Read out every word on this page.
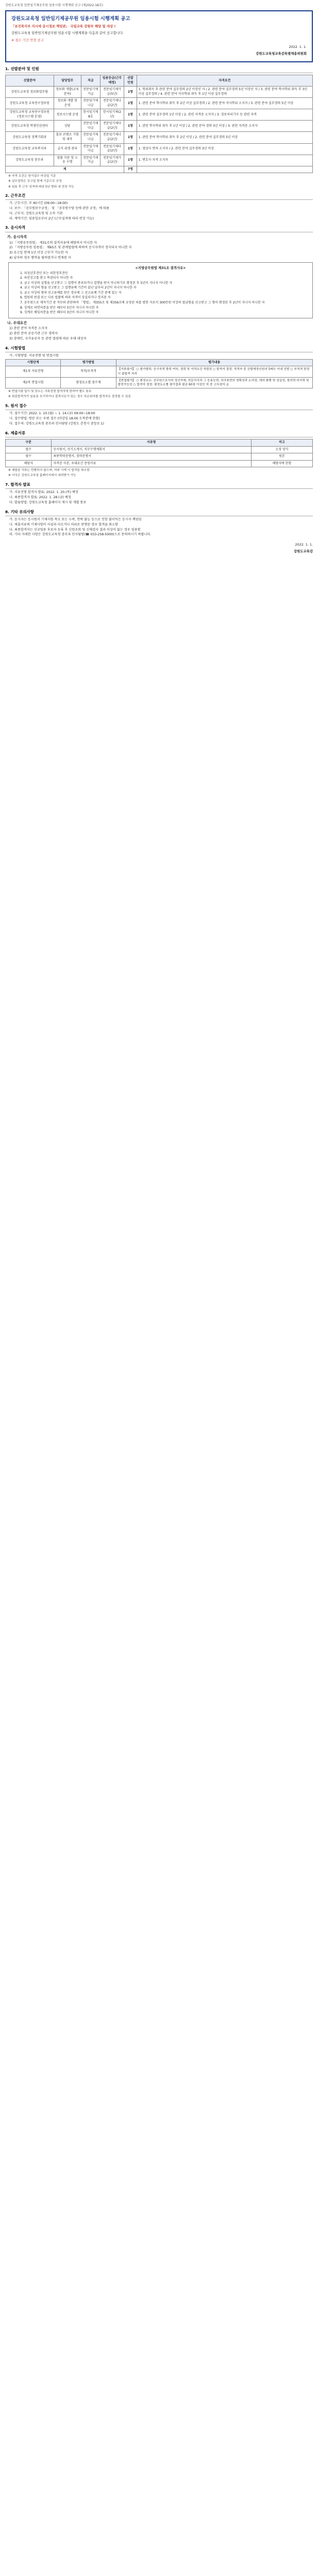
강원도교육청 일반임기제공무원 임용시험 시행계획 공고 (제2022-18호)
강원도교육청 일반임기제공무원 임용시험 시행계획 공고
「보건복지부 지시에 공시정보 책임관」 국립교육 강원부 해당 및 대상 !
강원도교육청 일반임기제공무원 임용시험 시행계획을 다음과 같이 공고합니다.
※ 접수 기간 연장 공고
2022. 1. 1.
강원도교육청교육감특별채용위원회
1. 선발분야 및 인원
선발분야	담당업무	직급	임용등급(근무예정)	선발인원	자격요건
강원도교육청 정보화업무팀	정보화 개발(교육분야)	전문임기제 가급	전문임기제가급(5년)	1명	1. 학위취득 후 관련 분야 실무경력 2년 이상인 자 / 2. 관련 분야 실무경력 5년 이상인 자 / 3. 관련 분야 학사학위 취득 후 3년 이상 실무경력 / 4. 관련 분야 석사학위 취득 후 1년 이상 실무경력
강원도교육청 교육연구정보원	정보화 개발 및 운영	전문임기제 나급	전문임기제나급(2년)	1명	1. 관련 분야 학사학위 취득 후 2년 이상 실무경력 / 2. 관련 분야 석사학위 소지자 / 3. 관련 분야 실무경력 5년 이상
강원도교육청 교육연구정보원 (정보시스템 운영)	정보시스템 운영	한시임기제 8호	한시임기제(2년)	1명	1. 관련 분야 실무경력 1년 이상 / 2. 관련 자격증 소지자 / 3. 정보처리기사 등 관련 자격
강원도교육청 학생인권센터	상담	전문임기제 다급	전문임기제다급(2년)	1명	1. 관련 학사학위 취득 후 1년 이상 / 2. 관련 분야 경력 3년 이상 / 3. 관련 자격증 소지자
강원도교육청 정책기획과	홍보 콘텐츠 기획 및 제작	전문임기제 나급	전문임기제나급(2년)	1명	1. 관련 분야 학사학위 취득 후 2년 이상 / 2. 관련 분야 실무경력 5년 이상
강원도교육청 교육복지과	급식 위생 관리	전문임기제 다급	전문임기제다급(2년)	1명	1. 영양사 면허 소지자 / 2. 관련 분야 실무경력 3년 이상
강원도교육청 총무과	법률 자문 및 소송 수행	전문임기제 가급	전문임기제가급(2년)	1명	1. 변호사 자격 소지자
계				7명	
※ 자격 요건은 원서접수 마감일 기준
※ 실무경력은 공고일 현재 기준으로 산정
※ 임용 후 근무 성적에 따라 5년 범위 내 연장 가능
2. 근무조건
가. 근무시간: 주 40시간 (09:00~18:00)
나. 보수: 「공무원보수규정」 및 「공무원수당 등에 관한 규정」에 따름
다. 근무지: 강원도교육청 및 소속 기관
라. 계약기간: 임용일로부터 2년 (근무실적에 따라 연장 가능)
3. 응시자격
가. 응시자격
1) 「지방공무원법」 제31조의 결격사유에 해당하지 아니한 자
2) 「지방공무원 임용령」 제65조 및 관계법령에 의하여 응시자격이 정지되지 아니한 자
3) 공고일 현재 1년 이상 근무가 가능한 자
4) 남자의 경우 병역을 필하였거나 면제된 자
<지방공무원법 제31조 결격사유>
1. 피성년후견인 또는 피한정후견인
2. 파산선고를 받고 복권되지 아니한 자
3. 금고 이상의 실형을 선고받고 그 집행이 종료되거나 집행을 받지 아니하기로 확정된 후 5년이 지나지 아니한 자
4. 금고 이상의 형을 선고받고 그 집행유예 기간이 끝난 날부터 2년이 지나지 아니한 자
5. 금고 이상의 형의 선고유예를 받은 경우에 그 선고유예 기간 중에 있는 자
6. 법원의 판결 또는 다른 법률에 따라 자격이 상실되거나 정지된 자
7. 공무원으로 재직기간 중 직무와 관련하여 「형법」 제355조 및 제356조에 규정된 죄를 범한 자로서 300만원 이상의 벌금형을 선고받고 그 형이 확정된 후 2년이 지나지 아니한 자
8. 징계로 파면처분을 받은 때부터 5년이 지나지 아니한 자
9. 징계로 해임처분을 받은 때부터 3년이 지나지 아니한 자
나. 우대요건
1) 관련 분야 자격증 소지자
2) 관련 분야 공공기관 근무 경력자
3) 장애인, 국가유공자 등 관련 법령에 따른 우대 대상자
4. 시험방법
가. 시험방법: 서류전형 및 면접시험
시험단계	평가방법	평가내용
제1차 서류전형	적격/부적격	【서류평가】 ○ 평가항목: 응시자격 충족 여부, 경력 및 자격요건 적합성 ○ 합격자 결정: 적격자 중 선발예정인원의 5배수 이내 선발 ○ 부적격 판정 시 불합격 처리
제2차 면접시험	평정요소별 점수제	【면접평가】 ○ 평정요소: 공무원으로서의 정신자세, 전문지식과 그 응용능력, 의사표현의 정확성과 논리성, 예의·품행 및 성실성, 창의력·의지력 및 발전가능성 ○ 합격자 결정: 평정요소별 평가결과 평균 60점 이상인 자 중 고득점자 순
※ 면접시험 일시 및 장소는 서류전형 합격자에 한하여 별도 통보
※ 최종합격자가 임용을 포기하거나 결격사유가 있는 경우 차순위자를 합격자로 결정할 수 있음
5. 원서 접수
가. 접수기간: 2022. 1. 10.(월) ~ 1. 14.(금) 09:00~18:00
나. 접수방법: 방문 또는 우편 접수 (마감일 18:00 도착분에 한함)
다. 접수처: 강원도교육청 총무과 인사담당 (강원도 춘천시 중앙로 1)
6. 제출서류
구분	서류명	비고
필수	응시원서, 자기소개서, 직무수행계획서	소정 양식
필수	최종학력증명서, 경력증명서	원본
해당자	자격증 사본, 우대요건 증빙서류	해당자에 한함
※ 제출된 서류는 반환하지 않으며, 허위 기재 시 합격을 취소함
※ 서식은 강원도교육청 홈페이지에서 내려받기 가능
7. 합격자 발표
가. 서류전형 합격자 발표: 2022. 1. 20.(목) 예정
나. 최종합격자 발표: 2022. 1. 28.(금) 예정
다. 발표방법: 강원도교육청 홈페이지 게시 및 개별 통보
8. 기타 유의사항
가. 응시자는 응시원서 기재사항 착오 또는 누락, 연락 불능 등으로 인한 불이익은 응시자 책임임
나. 제출서류의 기재사항이 사실과 다르거나 허위로 판명된 경우 합격을 취소함
다. 최종합격자는 신규임용 후보자 등록 후 신원조회 및 신체검사 결과 이상이 없는 경우 임용함
라. 기타 자세한 사항은 강원도교육청 총무과 인사담당(☎ 033-258-5000)으로 문의하시기 바랍니다.
2022. 1. 1.
강원도교육감
